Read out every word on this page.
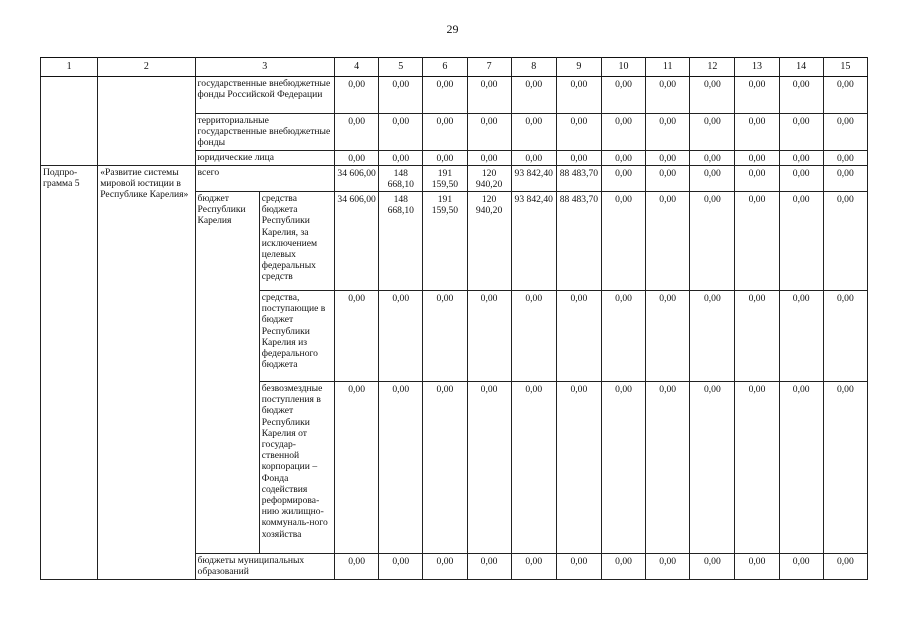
29
1	2	3		4	5	6	7	8	9	10	11	12	13	14	15
		государственные внебюджетные фонды Российской Федерации		0,00	0,00	0,00	0,00	0,00	0,00	0,00	0,00	0,00	0,00	0,00	0,00
		территориальные государственные внебюджетные фонды		0,00	0,00	0,00	0,00	0,00	0,00	0,00	0,00	0,00	0,00	0,00	0,00
		юридические лица		0,00	0,00	0,00	0,00	0,00	0,00	0,00	0,00	0,00	0,00	0,00	0,00
Подпро-грамма 5	«Развитие системы мировой юстиции в Республике Карелия»	всего		34 606,00	148 668,10	191 159,50	120 940,20	93 842,40	88 483,70	0,00	0,00	0,00	0,00	0,00	0,00
		бюджет Республики Карелия	средства бюджета Республики Карелия, за исключением целевых федеральных средств	34 606,00	148 668,10	191 159,50	120 940,20	93 842,40	88 483,70	0,00	0,00	0,00	0,00	0,00	0,00
			средства, поступающие в бюджет Республики Карелия из федерального бюджета	0,00	0,00	0,00	0,00	0,00	0,00	0,00	0,00	0,00	0,00	0,00	0,00
			безвозмездные поступления в бюджет Республики Карелия от государ-ственной корпорации – Фонда содействия реформирова-нию жилищно-коммуналь-ного хозяйства	0,00	0,00	0,00	0,00	0,00	0,00	0,00	0,00	0,00	0,00	0,00	0,00
		бюджеты муниципальных образований		0,00	0,00	0,00	0,00	0,00	0,00	0,00	0,00	0,00	0,00	0,00	0,00
